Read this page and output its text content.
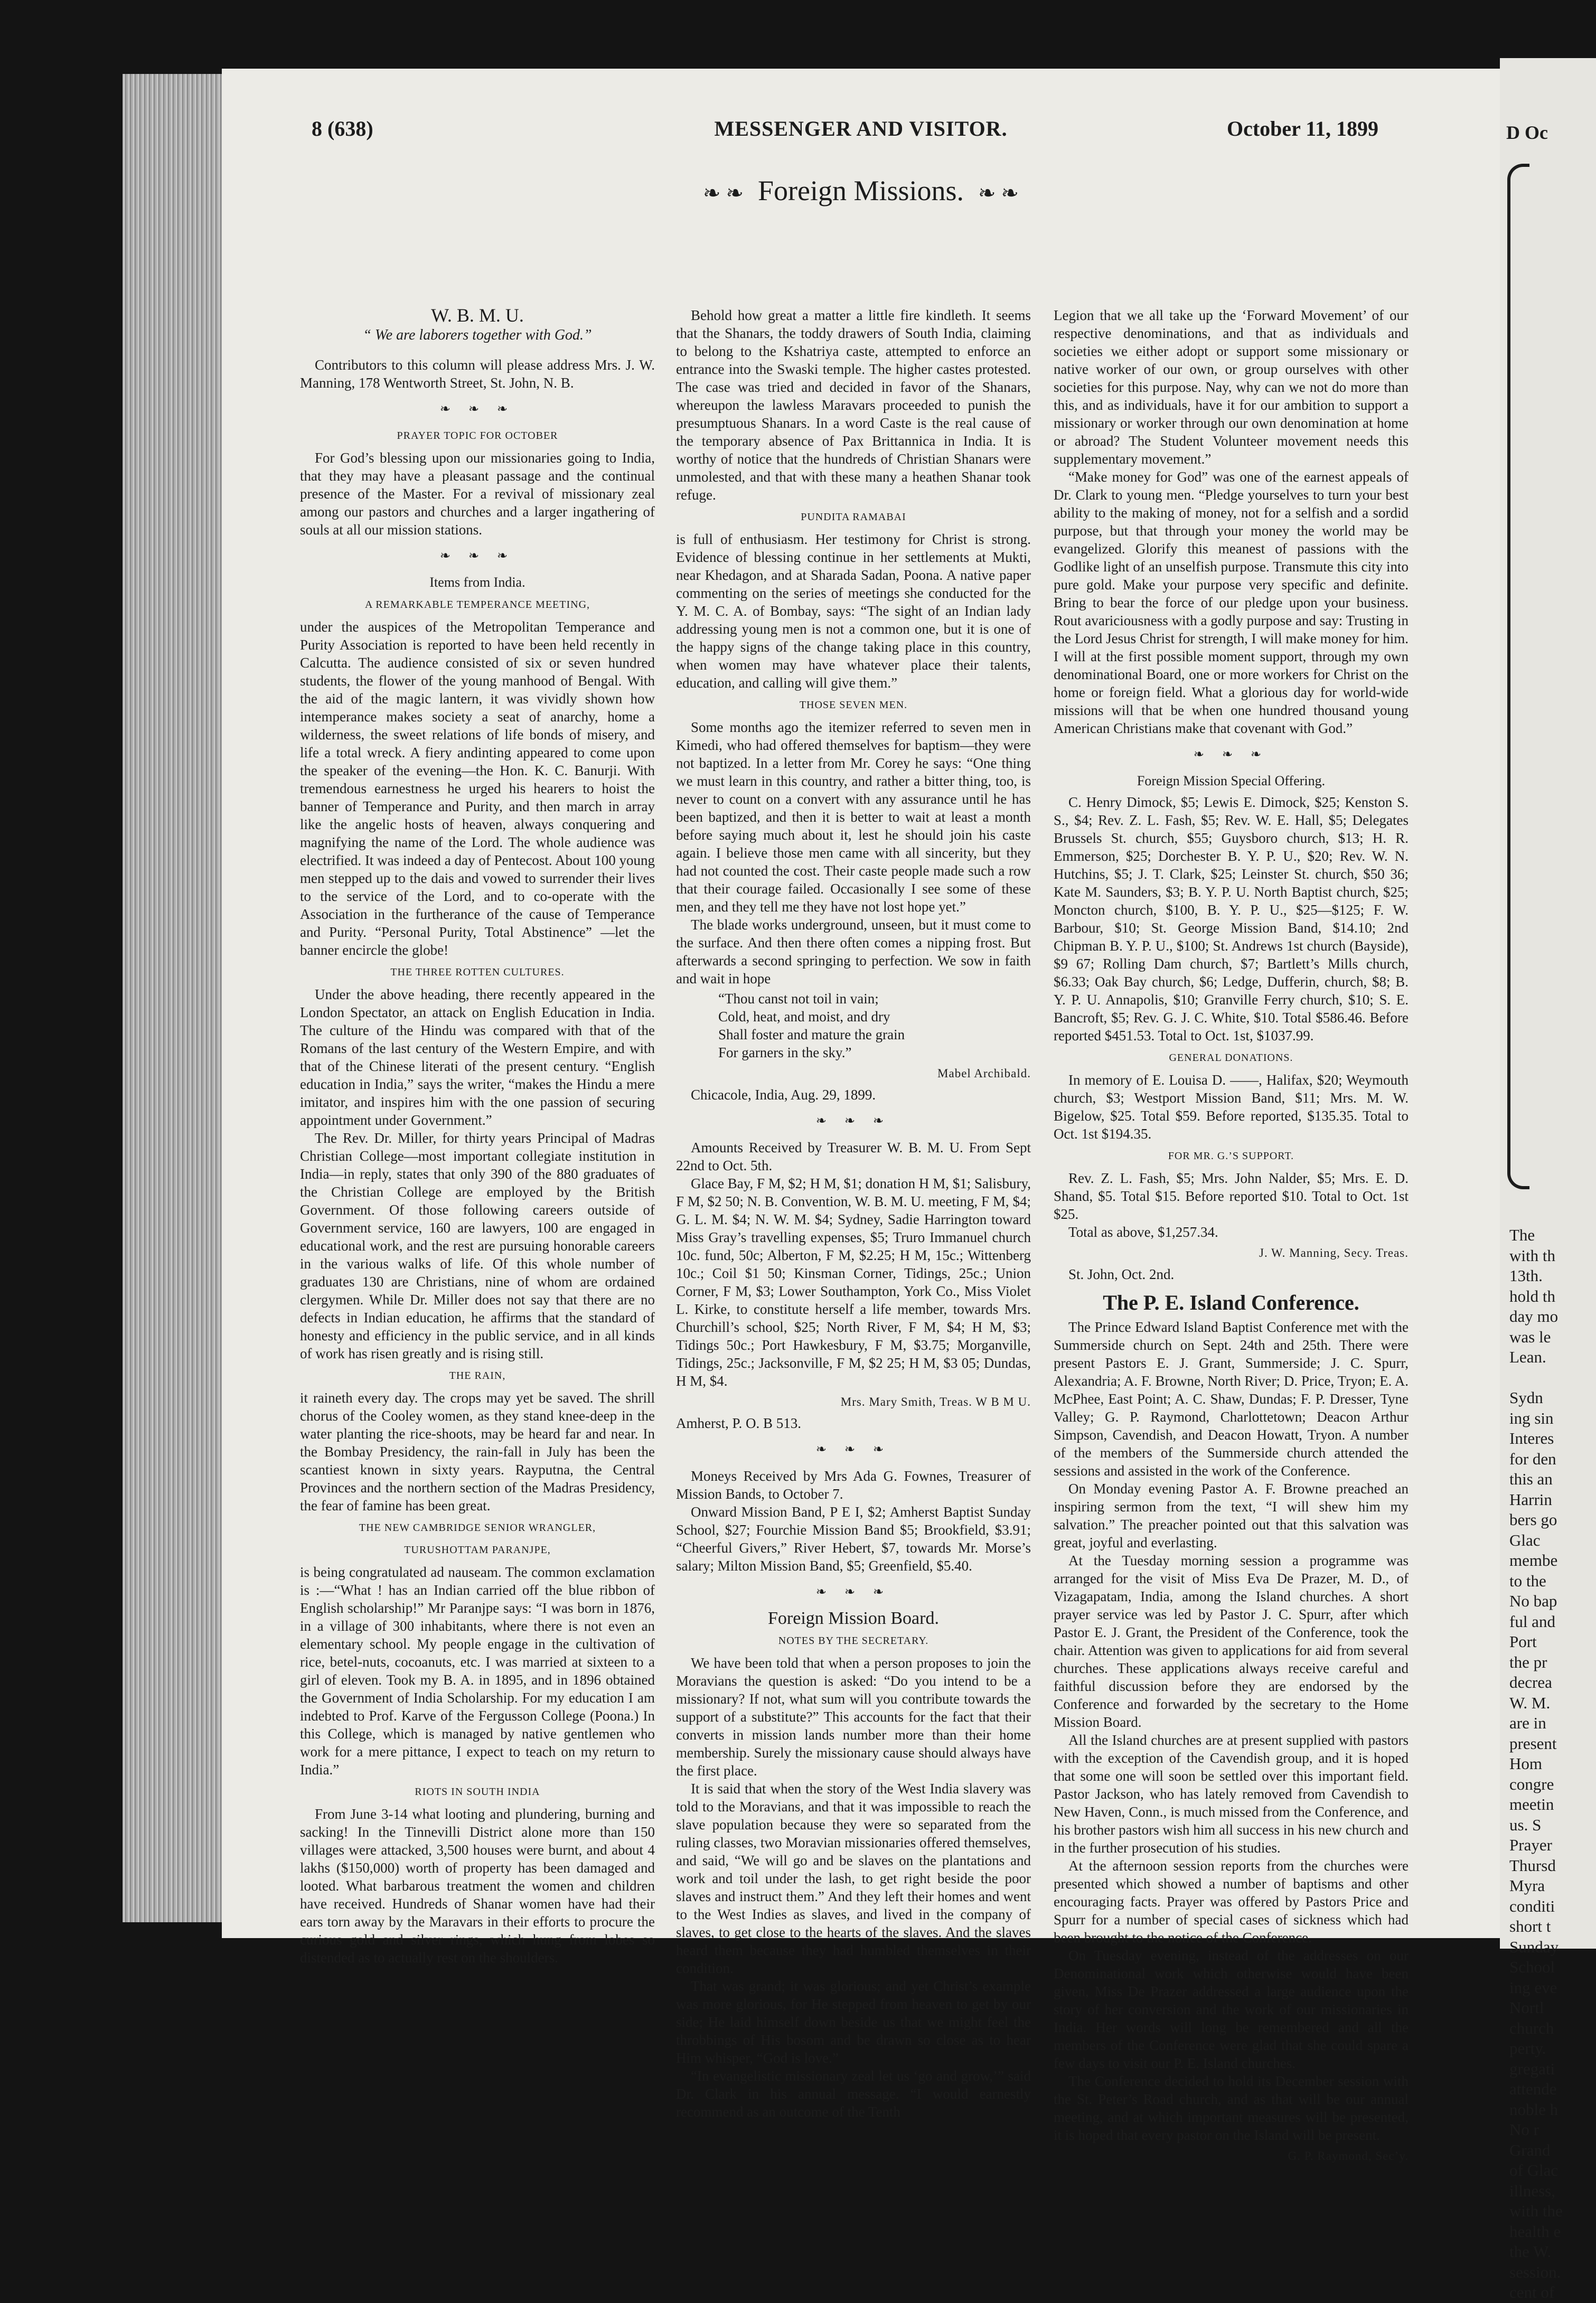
8 (638)	MESSENGER AND VISITOR.	October 11, 1899
❧ ❧ Foreign Missions. ❧ ❧
W. B. M. U.
“ We are laborers together with God.”

Contributors to this column will please address Mrs. J. W. Manning, 178 Wentworth Street, St. John, N. B.

❧ ❧ ❧
PRAYER TOPIC FOR OCTOBER

For God’s blessing upon our missionaries going to India, that they may have a pleasant passage and the continual presence of the Master. For a revival of missionary zeal among our pastors and churches and a larger ingathering of souls at all our mission stations.

❧ ❧ ❧
Items from India.
A REMARKABLE TEMPERANCE MEETING,

under the auspices of the Metropolitan Temperance and Purity Association is reported to have been held recently in Calcutta. The audience consisted of six or seven hundred students, the flower of the young manhood of Bengal. With the aid of the magic lantern, it was vividly shown how intemperance makes society a seat of anarchy, home a wilderness, the sweet relations of life bonds of misery, and life a total wreck. A fiery andinting appeared to come upon the speaker of the evening—the Hon. K. C. Banurji. With tremendous earnestness he urged his hearers to hoist the banner of Temperance and Purity, and then march in array like the angelic hosts of heaven, always conquering and magnifying the name of the Lord. The whole audience was electrified. It was indeed a day of Pentecost. About 100 young men stepped up to the dais and vowed to surrender their lives to the service of the Lord, and to co-operate with the Association in the furtherance of the cause of Temperance and Purity. “Personal Purity, Total Abstinence” —let the banner encircle the globe!

THE THREE ROTTEN CULTURES.

Under the above heading, there recently appeared in the London Spectator, an attack on English Education in India. The culture of the Hindu was compared with that of the Romans of the last century of the Western Empire, and with that of the Chinese literati of the present century. “English education in India,” says the writer, “makes the Hindu a mere imitator, and inspires him with the one passion of securing appointment under Government.”

The Rev. Dr. Miller, for thirty years Principal of Madras Christian College—most important collegiate institution in India—in reply, states that only 390 of the 880 graduates of the Christian College are employed by the British Government. Of those following careers outside of Government service, 160 are lawyers, 100 are engaged in educational work, and the rest are pursuing honorable careers in the various walks of life. Of this whole number of graduates 130 are Christians, nine of whom are ordained clergymen. While Dr. Miller does not say that there are no defects in Indian education, he affirms that the standard of honesty and efficiency in the public service, and in all kinds of work has risen greatly and is rising still.

THE RAIN,

it raineth every day. The crops may yet be saved. The shrill chorus of the Cooley women, as they stand knee-deep in the water planting the rice-shoots, may be heard far and near. In the Bombay Presidency, the rain-fall in July has been the scantiest known in sixty years. Rayputna, the Central Provinces and the northern section of the Madras Presidency, the fear of famine has been great.

THE NEW CAMBRIDGE SENIOR WRANGLER,
TURUSHOTTAM PARANJPE,

is being congratulated ad nauseam. The common exclamation is :—“What ! has an Indian carried off the blue ribbon of English scholarship!” Mr Paranjpe says: “I was born in 1876, in a village of 300 inhabitants, where there is not even an elementary school. My people engage in the cultivation of rice, betel-nuts, cocoanuts, etc. I was married at sixteen to a girl of eleven. Took my B. A. in 1895, and in 1896 obtained the Government of India Scholarship. For my education I am indebted to Prof. Karve of the Fergusson College (Poona.) In this College, which is managed by native gentlemen who work for a mere pittance, I expect to teach on my return to India.”

RIOTS IN SOUTH INDIA

From June 3-14 what looting and plundering, burning and sacking! In the Tinnevilli District alone more than 150 villages were attacked, 3,500 houses were burnt, and about 4 lakhs ($150,000) worth of property has been damaged and looted. What barbarous treatment the women and children have received. Hundreds of Shanar women have had their ears torn away by the Maravars in their efforts to procure the curious gold and silver rings, which hung from lobes so distended as to actually rest on the shoulders.

Behold how great a matter a little fire kindleth. It seems that the Shanars, the toddy drawers of South India, claiming to belong to the Kshatriya caste, attempted to enforce an entrance into the Swaski temple. The higher castes protested. The case was tried and decided in favor of the Shanars, whereupon the lawless Maravars proceeded to punish the presumptuous Shanars. In a word Caste is the real cause of the temporary absence of Pax Brittannica in India. It is worthy of notice that the hundreds of Christian Shanars were unmolested, and that with these many a heathen Shanar took refuge.

PUNDITA RAMABAI

is full of enthusiasm. Her testimony for Christ is strong. Evidence of blessing continue in her settlements at Mukti, near Khedagon, and at Sharada Sadan, Poona. A native paper commenting on the series of meetings she conducted for the Y. M. C. A. of Bombay, says: “The sight of an Indian lady addressing young men is not a common one, but it is one of the happy signs of the change taking place in this country, when women may have whatever place their talents, education, and calling will give them.”

THOSE SEVEN MEN.

Some months ago the itemizer referred to seven men in Kimedi, who had offered themselves for baptism—they were not baptized. In a letter from Mr. Corey he says: “One thing we must learn in this country, and rather a bitter thing, too, is never to count on a convert with any assurance until he has been baptized, and then it is better to wait at least a month before saying much about it, lest he should join his caste again. I believe those men came with all sincerity, but they had not counted the cost. Their caste people made such a row that their courage failed. Occasionally I see some of these men, and they tell me they have not lost hope yet.”

The blade works underground, unseen, but it must come to the surface. And then there often comes a nipping frost. But afterwards a second springing to perfection. We sow in faith and wait in hope

“Thou canst not toil in vain;
Cold, heat, and moist, and dry
Shall foster and mature the grain
For garners in the sky.”
Mabel Archibald.

Chicacole, India, Aug. 29, 1899.

❧ ❧ ❧

Amounts Received by Treasurer W. B. M. U. From Sept 22nd to Oct. 5th.

Glace Bay, F M, $2; H M, $1; donation H M, $1; Salisbury, F M, $2 50; N. B. Convention, W. B. M. U. meeting, F M, $4; G. L. M. $4; N. W. M. $4; Sydney, Sadie Harrington toward Miss Gray’s travelling expenses, $5; Truro Immanuel church 10c. fund, 50c; Alberton, F M, $2.25; H M, 15c.; Wittenberg 10c.; Coil $1 50; Kinsman Corner, Tidings, 25c.; Union Corner, F M, $3; Lower Southampton, York Co., Miss Violet L. Kirke, to constitute herself a life member, towards Mrs. Churchill’s school, $25; North River, F M, $4; H M, $3; Tidings 50c.; Port Hawkesbury, F M, $3.75; Morganville, Tidings, 25c.; Jacksonville, F M, $2 25; H M, $3 05; Dundas, H M, $4.

Mrs. Mary Smith, Treas. W B M U.

Amherst, P. O. B 513.

❧ ❧ ❧

Moneys Received by Mrs Ada G. Fownes, Treasurer of Mission Bands, to October 7.

Onward Mission Band, P E I, $2; Amherst Baptist Sunday School, $27; Fourchie Mission Band $5; Brookfield, $3.91; “Cheerful Givers,” River Hebert, $7, towards Mr. Morse’s salary; Milton Mission Band, $5; Greenfield, $5.40.

❧ ❧ ❧
Foreign Mission Board.
NOTES BY THE SECRETARY.

We have been told that when a person proposes to join the Moravians the question is asked: “Do you intend to be a missionary? If not, what sum will you contribute towards the support of a substitute?” This accounts for the fact that their converts in mission lands number more than their home membership. Surely the missionary cause should always have the first place.

It is said that when the story of the West India slavery was told to the Moravians, and that it was impossible to reach the slave population because they were so separated from the ruling classes, two Moravian missionaries offered themselves, and said, “We will go and be slaves on the plantations and work and toil under the lash, to get right beside the poor slaves and instruct them.” And they left their homes and went to the West Indies as slaves, and lived in the company of slaves, to get close to the hearts of the slaves. And the slaves heard them because they had humbled themselves in their condition.

That was grand; it was glorious; and yet Christ’s example was more glorious, for He stepped from heaven to get by our side; He laid himself down beside us that we might feel the throbbings of His bosom and be drawn so close as to hear Him whisper, “God is love.”

“In evangelistic missionary zeal let us ‘go and grow,’” said Dr. Clark in his annual message. “I would earnestly recommend as an outcome of the Tenth

Legion that we all take up the ‘Forward Movement’ of our respective denominations, and that as individuals and societies we either adopt or support some missionary or native worker of our own, or group ourselves with other societies for this purpose. Nay, why can we not do more than this, and as individuals, have it for our ambition to support a missionary or worker through our own denomination at home or abroad? The Student Volunteer movement needs this supplementary movement.”

“Make money for God” was one of the earnest appeals of Dr. Clark to young men. “Pledge yourselves to turn your best ability to the making of money, not for a selfish and a sordid purpose, but that through your money the world may be evangelized. Glorify this meanest of passions with the Godlike light of an unselfish purpose. Transmute this city into pure gold. Make your purpose very specific and definite. Bring to bear the force of our pledge upon your business. Rout avariciousness with a godly purpose and say: Trusting in the Lord Jesus Christ for strength, I will make money for him. I will at the first possible moment support, through my own denominational Board, one or more workers for Christ on the home or foreign field. What a glorious day for world-wide missions will that be when one hundred thousand young American Christians make that covenant with God.”

❧ ❧ ❧
Foreign Mission Special Offering.

C. Henry Dimock, $5; Lewis E. Dimock, $25; Kenston S. S., $4; Rev. Z. L. Fash, $5; Rev. W. E. Hall, $5; Delegates Brussels St. church, $55; Guysboro church, $13; H. R. Emmerson, $25; Dorchester B. Y. P. U., $20; Rev. W. N. Hutchins, $5; J. T. Clark, $25; Leinster St. church, $50 36; Kate M. Saunders, $3; B. Y. P. U. North Baptist church, $25; Moncton church, $100, B. Y. P. U., $25—$125; F. W. Barbour, $10; St. George Mission Band, $14.10; 2nd Chipman B. Y. P. U., $100; St. Andrews 1st church (Bayside), $9 67; Rolling Dam church, $7; Bartlett’s Mills church, $6.33; Oak Bay church, $6; Ledge, Dufferin, church, $8; B. Y. P. U. Annapolis, $10; Granville Ferry church, $10; S. E. Bancroft, $5; Rev. G. J. C. White, $10. Total $586.46. Before reported $451.53. Total to Oct. 1st, $1037.99.

GENERAL DONATIONS.

In memory of E. Louisa D. ——, Halifax, $20; Weymouth church, $3; Westport Mission Band, $11; Mrs. M. W. Bigelow, $25. Total $59. Before reported, $135.35. Total to Oct. 1st $194.35.

FOR MR. G.’S SUPPORT.

Rev. Z. L. Fash, $5; Mrs. John Nalder, $5; Mrs. E. D. Shand, $5. Total $15. Before reported $10. Total to Oct. 1st $25.

Total as above, $1,257.34.

J. W. Manning, Secy. Treas.

St. John, Oct. 2nd.

The P. E. Island Conference.

The Prince Edward Island Baptist Conference met with the Summerside church on Sept. 24th and 25th. There were present Pastors E. J. Grant, Summerside; J. C. Spurr, Alexandria; A. F. Browne, North River; D. Price, Tryon; E. A. McPhee, East Point; A. C. Shaw, Dundas; F. P. Dresser, Tyne Valley; G. P. Raymond, Charlottetown; Deacon Arthur Simpson, Cavendish, and Deacon Howatt, Tryon. A number of the members of the Summerside church attended the sessions and assisted in the work of the Conference.

On Monday evening Pastor A. F. Browne preached an inspiring sermon from the text, “I will shew him my salvation.” The preacher pointed out that this salvation was great, joyful and everlasting.

At the Tuesday morning session a programme was arranged for the visit of Miss Eva De Prazer, M. D., of Vizagapatam, India, among the Island churches. A short prayer service was led by Pastor J. C. Spurr, after which Pastor E. J. Grant, the President of the Conference, took the chair. Attention was given to applications for aid from several churches. These applications always receive careful and faithful discussion before they are endorsed by the Conference and forwarded by the secretary to the Home Mission Board.

All the Island churches are at present supplied with pastors with the exception of the Cavendish group, and it is hoped that some one will soon be settled over this important field. Pastor Jackson, who has lately removed from Cavendish to New Haven, Conn., is much missed from the Conference, and his brother pastors wish him all success in his new church and in the further prosecution of his studies.

At the afternoon session reports from the churches were presented which showed a number of baptisms and other encouraging facts. Prayer was offered by Pastors Price and Spurr for a number of special cases of sickness which had been brought to the notice of the Conference.

On Tuesday evening, instead of the addresses on our Denominational work which otherwise would have been given, Miss De Prazer addressed a large audience upon the story of her conversion and the work of our missionaries in India. Her words will long be remembered and all the members of the Conference were glad that she could spare a few days to visit our P. E. Island churches.

The Conference decided to hold its December session with the St. Peter’s Road church, and as that will be our annual meeting, and at which important measures will be presented, it is hoped that every pastor on the Island will be present.

G. P. Raymond, Sec’y.
D Oc
The
with th
13th.
hold th
day mo
was le
Lean.
Sydn
ing sin
Interes
for den
this an
Harrin
bers go
Glac
membe
to the
No bap
ful and
Port
the pr
decrea
W. M.
are in
present
Hom
congre
meetin
us. S
Prayer
Thursd
Myra
conditi
short t
Sunday
School
ing eve
Nortl
church
perty.
gregati
attende
noble h
No r
Grand
of Glac
illness,
with the
health e
the W.
session.
cent of
